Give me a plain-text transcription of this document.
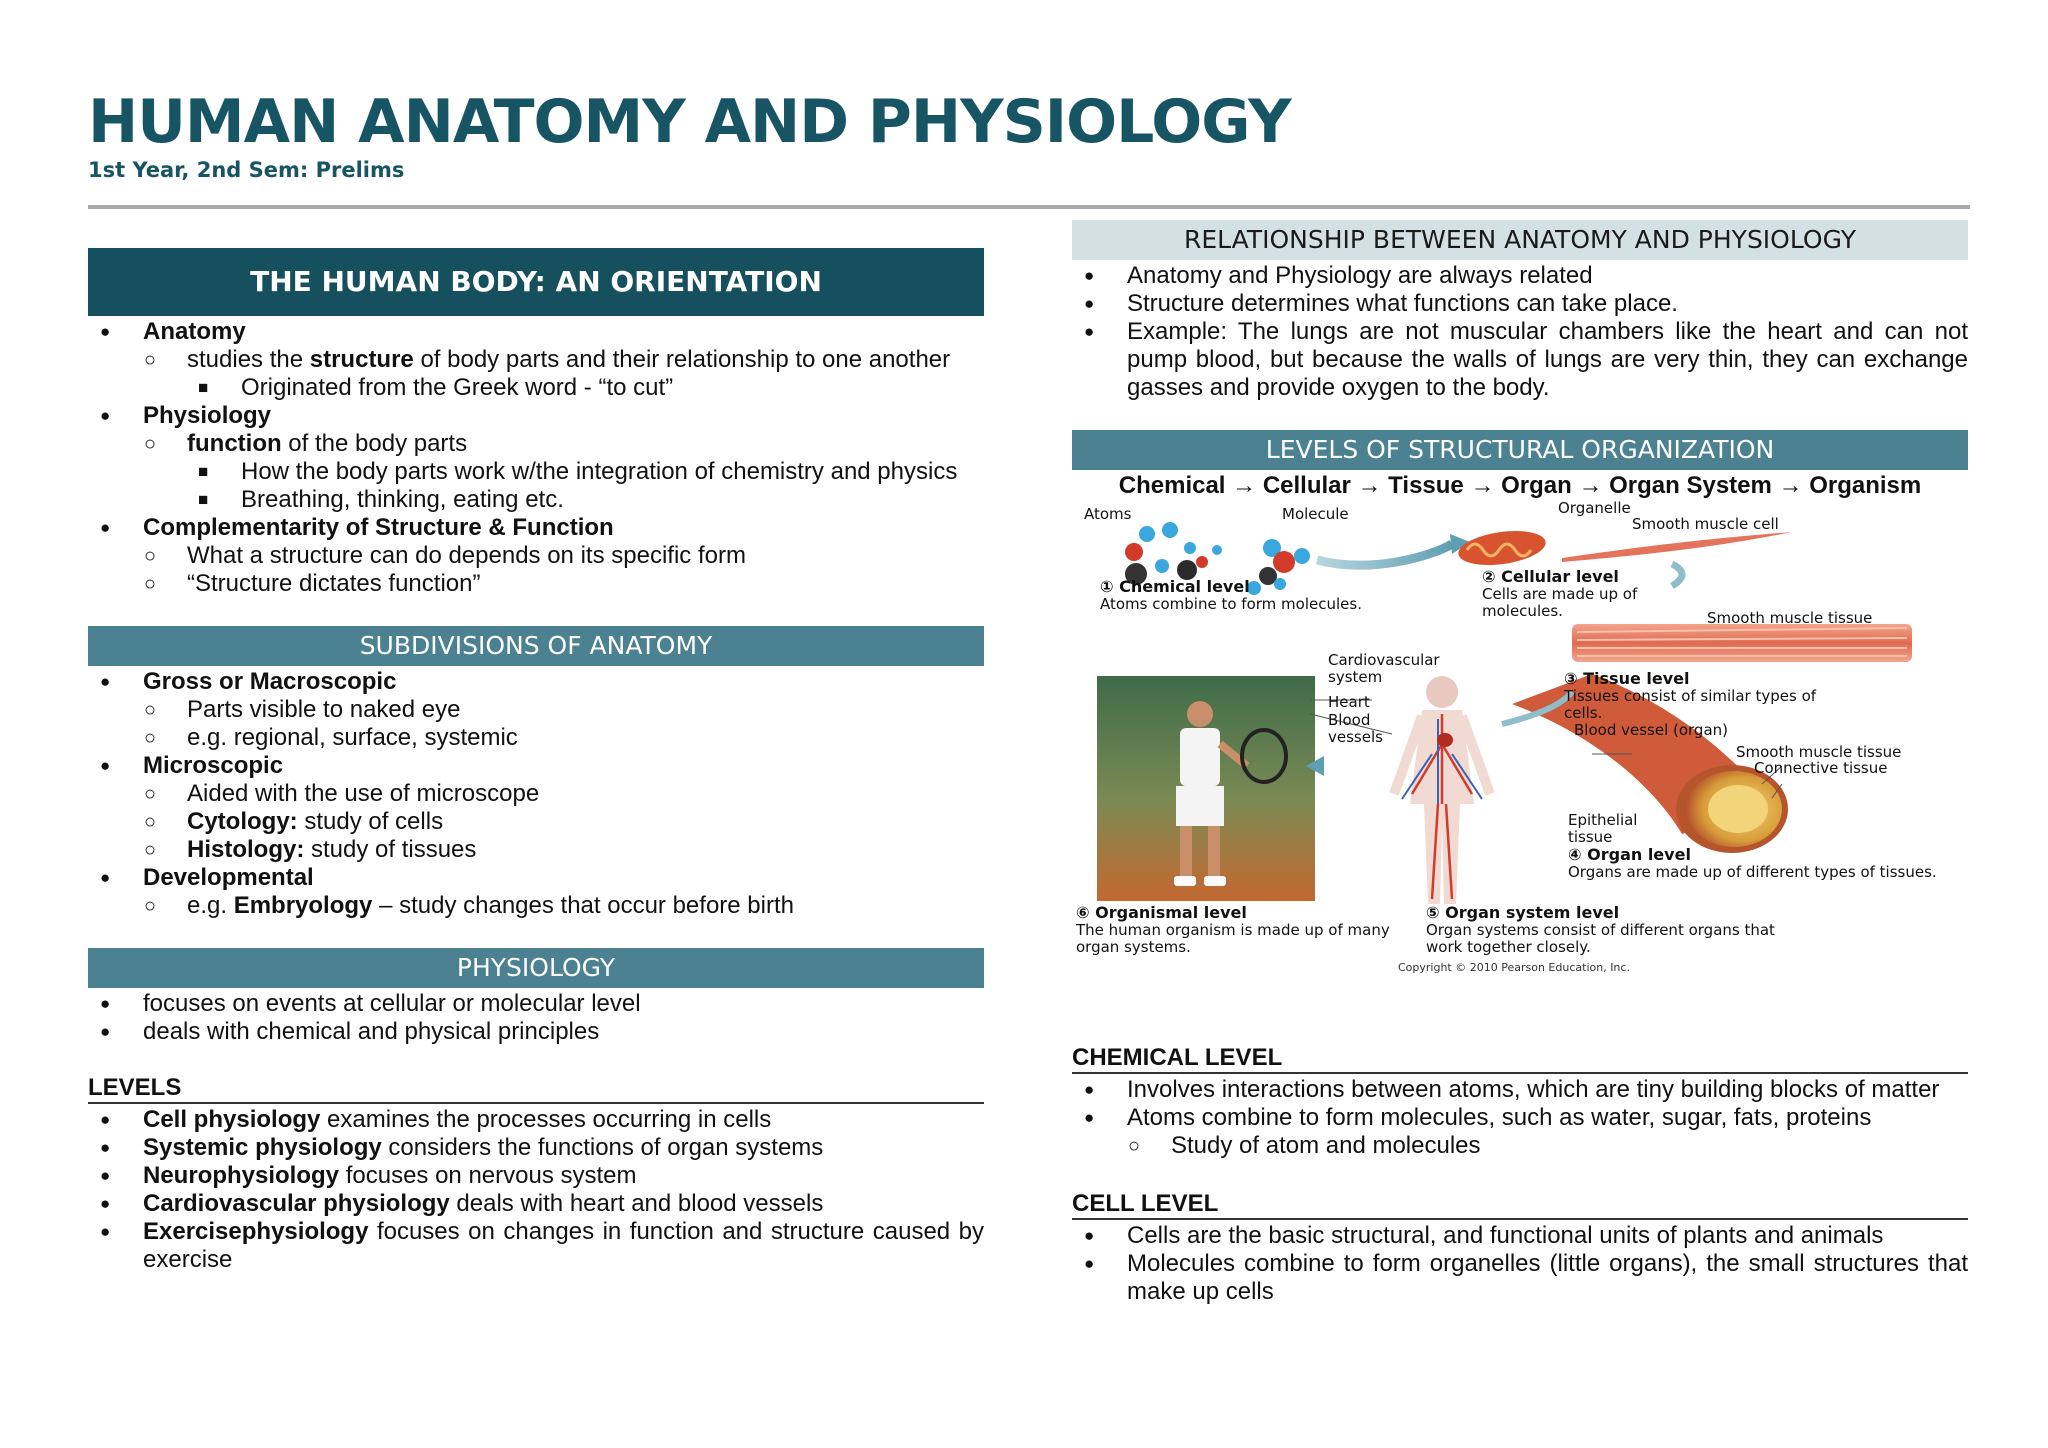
HUMAN ANATOMY AND PHYSIOLOGY
1st Year, 2nd Sem: Prelims
THE HUMAN BODY: AN ORIENTATION
● Anatomy
○ studies the structure of body parts and their relationship to one another
■ Originated from the Greek word - “to cut”
● Physiology
○ function of the body parts
■ How the body parts work w/the integration of chemistry and physics
■ Breathing, thinking, eating etc.
● Complementarity of Structure & Function
○ What a structure can do depends on its specific form
○ “Structure dictates function”
SUBDIVISIONS OF ANATOMY
● Gross or Macroscopic
○ Parts visible to naked eye
○ e.g. regional, surface, systemic
● Microscopic
○ Aided with the use of microscope
○ Cytology: study of cells
○ Histology: study of tissues
● Developmental
○ e.g. Embryology – study changes that occur before birth
PHYSIOLOGY
● focuses on events at cellular or molecular level
● deals with chemical and physical principles
LEVELS
● Cell physiology examines the processes occurring in cells
● Systemic physiology considers the functions of organ systems
● Neurophysiology focuses on nervous system
● Cardiovascular physiology deals with heart and blood vessels
● Exercisephysiology focuses on changes in function and structure caused by exercise
RELATIONSHIP BETWEEN ANATOMY AND PHYSIOLOGY
● Anatomy and Physiology are always related
● Structure determines what functions can take place.
● Example: The lungs are not muscular chambers like the heart and can not pump blood, but because the walls of lungs are very thin, they can exchange gasses and provide oxygen to the body.
LEVELS OF STRUCTURAL ORGANIZATION
Chemical → Cellular → Tissue → Organ → Organ System → Organism
Atoms	Molecule	Organelle
Smooth muscle cell
① Chemical level
Atoms combine to form molecules.
② Cellular level
Cells are made up of molecules.	Smooth muscle tissue
Cardiovascular system
Heart
Blood vessels
③ Tissue level
Tissues consist of similar types of cells.
Blood vessel (organ)
Smooth muscle tissue
Connective tissue
Epithelial tissue
④ Organ level
Organs are made up of different types of tissues.
⑥ Organismal level
The human organism is made up of many organ systems.
⑤ Organ system level
Organ systems consist of different organs that work together closely.
Copyright © 2010 Pearson Education, Inc.
CHEMICAL LEVEL
● Involves interactions between atoms, which are tiny building blocks of matter
● Atoms combine to form molecules, such as water, sugar, fats, proteins
○ Study of atom and molecules
CELL LEVEL
● Cells are the basic structural, and functional units of plants and animals
● Molecules combine to form organelles (little organs), the small structures that make up cells
